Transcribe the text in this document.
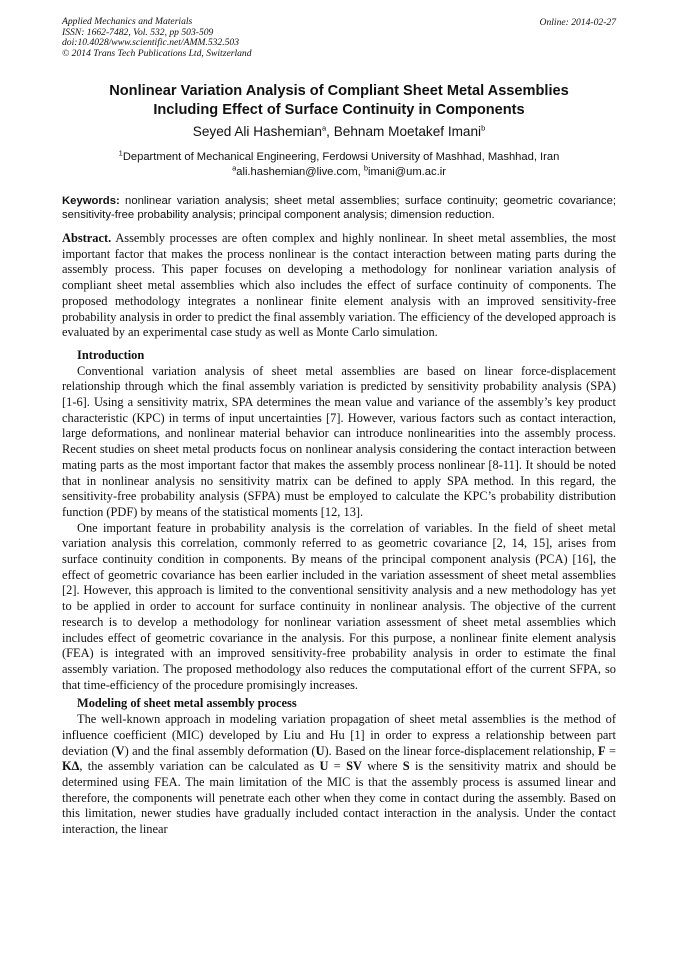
Applied Mechanics and Materials
ISSN: 1662-7482, Vol. 532, pp 503-509
doi:10.4028/www.scientific.net/AMM.532.503
© 2014 Trans Tech Publications Ltd, Switzerland
Online: 2014-02-27
Nonlinear Variation Analysis of Compliant Sheet Metal Assemblies
Including Effect of Surface Continuity in Components
Seyed Ali Hashemian$^a$, Behnam Moetakef Imani$^b$
$^1$Department of Mechanical Engineering, Ferdowsi University of Mashhad, Mashhad, Iran
$^a$ali.hashemian@live.com, $^b$imani@um.ac.ir
Keywords: nonlinear variation analysis; sheet metal assemblies; surface continuity; geometric covariance; sensitivity-free probability analysis; principal component analysis; dimension reduction.

Abstract. Assembly processes are often complex and highly nonlinear. In sheet metal assemblies, the most important factor that makes the process nonlinear is the contact interaction between mating parts during the assembly process. This paper focuses on developing a methodology for nonlinear variation analysis of compliant sheet metal assemblies which also includes the effect of surface continuity of components. The proposed methodology integrates a nonlinear finite element analysis with an improved sensitivity-free probability analysis in order to predict the final assembly variation. The efficiency of the developed approach is evaluated by an experimental case study as well as Monte Carlo simulation.

Introduction

Conventional variation analysis of sheet metal assemblies are based on linear force-displacement relationship through which the final assembly variation is predicted by sensitivity probability analysis (SPA) [1-6]. Using a sensitivity matrix, SPA determines the mean value and variance of the assembly’s key product characteristic (KPC) in terms of input uncertainties [7]. However, various factors such as contact interaction, large deformations, and nonlinear material behavior can introduce nonlinearities into the assembly process. Recent studies on sheet metal products focus on nonlinear analysis considering the contact interaction between mating parts as the most important factor that makes the assembly process nonlinear [8-11]. It should be noted that in nonlinear analysis no sensitivity matrix can be defined to apply SPA method. In this regard, the sensitivity-free probability analysis (SFPA) must be employed to calculate the KPC’s probability distribution function (PDF) by means of the statistical moments [12, 13].

One important feature in probability analysis is the correlation of variables. In the field of sheet metal variation analysis this correlation, commonly referred to as geometric covariance [2, 14, 15], arises from surface continuity condition in components. By means of the principal component analysis (PCA) [16], the effect of geometric covariance has been earlier included in the variation assessment of sheet metal assemblies [2]. However, this approach is limited to the conventional sensitivity analysis and a new methodology has yet to be applied in order to account for surface continuity in nonlinear analysis. The objective of the current research is to develop a methodology for nonlinear variation assessment of sheet metal assemblies which includes effect of geometric covariance in the analysis. For this purpose, a nonlinear finite element analysis (FEA) is integrated with an improved sensitivity-free probability analysis in order to estimate the final assembly variation. The proposed methodology also reduces the computational effort of the current SFPA, so that time-efficiency of the procedure promisingly increases.

Modeling of sheet metal assembly process

The well-known approach in modeling variation propagation of sheet metal assemblies is the method of influence coefficient (MIC) developed by Liu and Hu [1] in order to express a relationship between part deviation (V) and the final assembly deformation (U). Based on the linear force-displacement relationship, F = KΔ, the assembly variation can be calculated as U = SV where S is the sensitivity matrix and should be determined using FEA. The main limitation of the MIC is that the assembly process is assumed linear and therefore, the components will penetrate each other when they come in contact during the assembly. Based on this limitation, newer studies have gradually included contact interaction in the analysis. Under the contact interaction, the linear
